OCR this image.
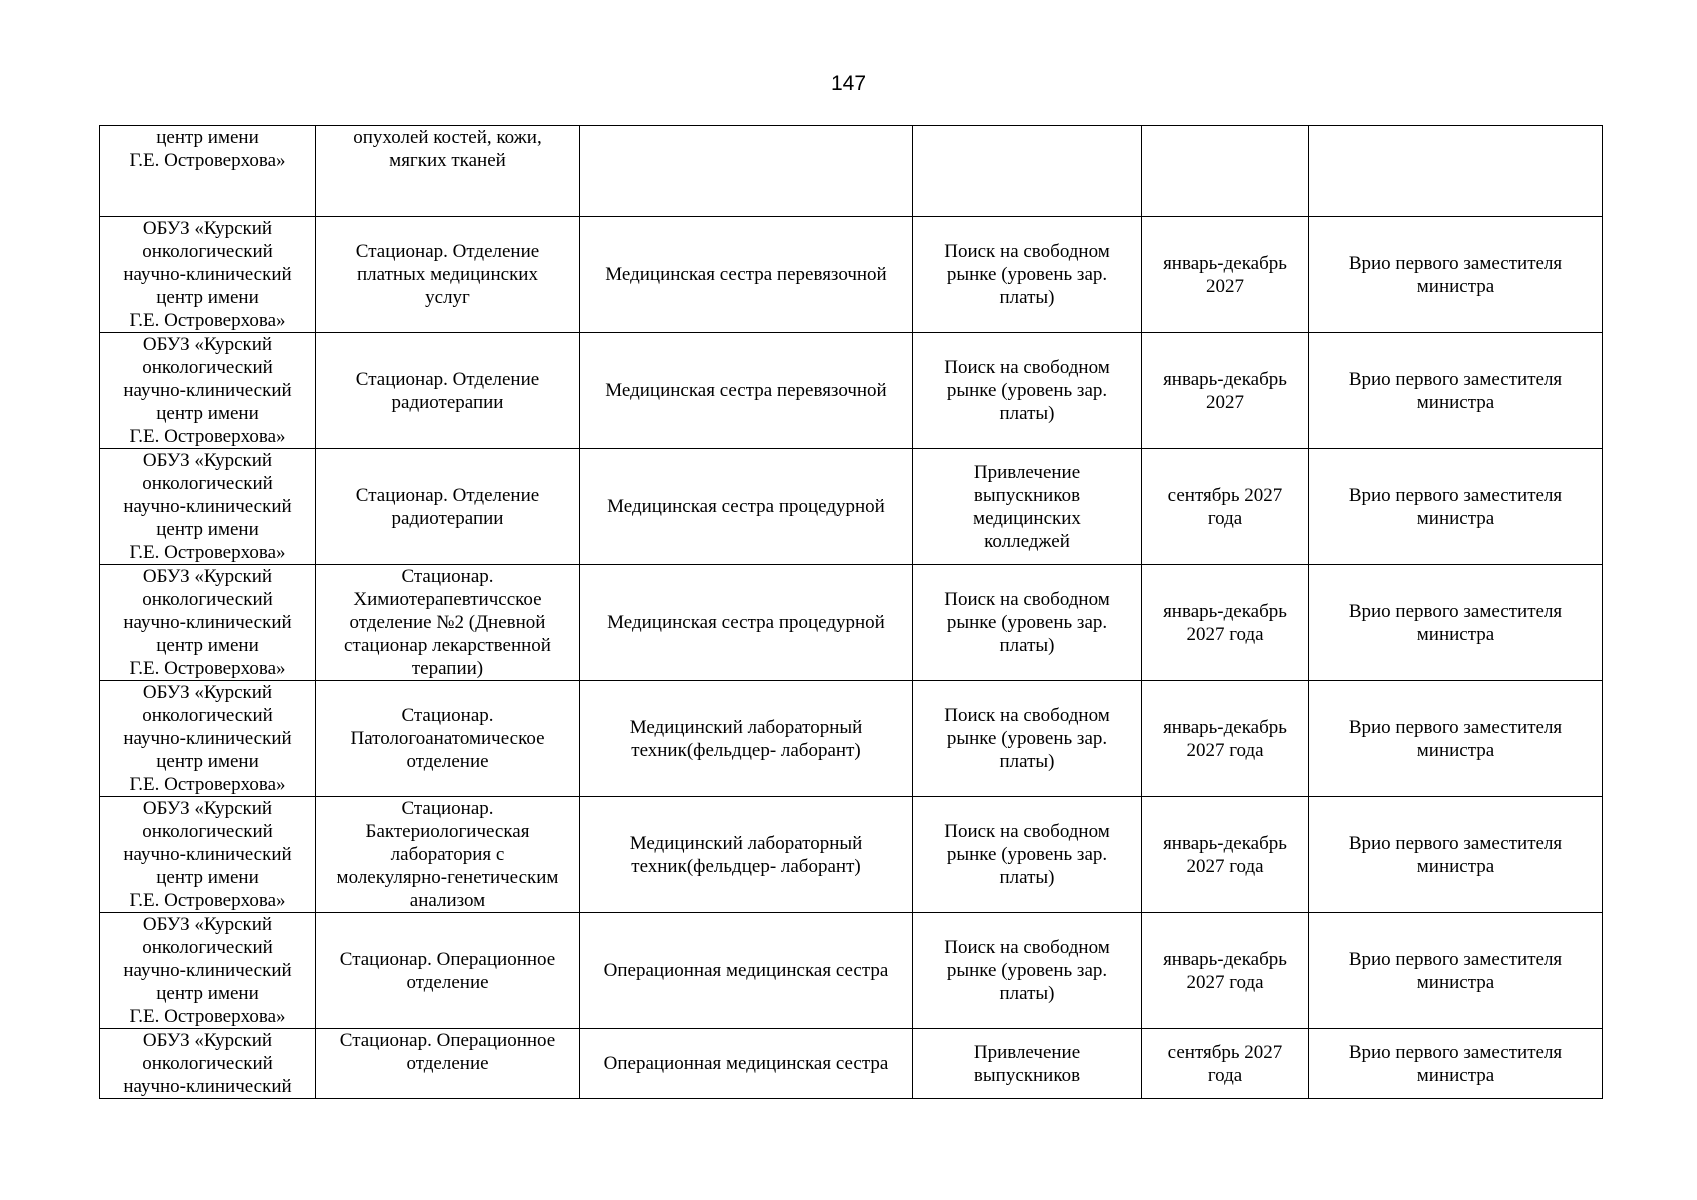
147
центр имени
Г.Е. Островерхова»	опухолей костей, кожи,
мягких тканей				
ОБУЗ «Курский
онкологический
научно-клинический
центр имени
Г.Е. Островерхова»	Стационар. Отделение
платных медицинских
услуг	Медицинская сестра перевязочной	Поиск на свободном
рынке (уровень зар.
платы)	январь-декабрь
2027	Врио первого заместителя
министра
ОБУЗ «Курский
онкологический
научно-клинический
центр имени
Г.Е. Островерхова»	Стационар. Отделение
радиотерапии	Медицинская сестра перевязочной	Поиск на свободном
рынке (уровень зар.
платы)	январь-декабрь
2027	Врио первого заместителя
министра
ОБУЗ «Курский
онкологический
научно-клинический
центр имени
Г.Е. Островерхова»	Стационар. Отделение
радиотерапии	Медицинская сестра процедурной	Привлечение
выпускников
медицинских
колледжей	сентябрь 2027
года	Врио первого заместителя
министра
ОБУЗ «Курский
онкологический
научно-клинический
центр имени
Г.Е. Островерхова»	Стационар.
Химиотерапевтичсское
отделение №2 (Дневной
стационар лекарственной
терапии)	Медицинская сестра процедурной	Поиск на свободном
рынке (уровень зар.
платы)	январь-декабрь
2027 года	Врио первого заместителя
министра
ОБУЗ «Курский
онкологический
научно-клинический
центр имени
Г.Е. Островерхова»	Стационар.
Патологоанатомическое
отделение	Медицинский лабораторный
техник(фельдцер- лаборант)	Поиск на свободном
рынке (уровень зар.
платы)	январь-декабрь
2027 года	Врио первого заместителя
министра
ОБУЗ «Курский
онкологический
научно-клинический
центр имени
Г.Е. Островерхова»	Стационар.
Бактериологическая
лаборатория с
молекулярно-генетическим
анализом	Медицинский лабораторный
техник(фельдцер- лаборант)	Поиск на свободном
рынке (уровень зар.
платы)	январь-декабрь
2027 года	Врио первого заместителя
министра
ОБУЗ «Курский
онкологический
научно-клинический
центр имени
Г.Е. Островерхова»	Стационар. Операционное
отделение	Операционная медицинская сестра	Поиск на свободном
рынке (уровень зар.
платы)	январь-декабрь
2027 года	Врио первого заместителя
министра
ОБУЗ «Курский
онкологический
научно-клинический	Стационар. Операционное
отделение	Операционная медицинская сестра	Привлечение
выпускников	сентябрь 2027
года	Врио первого заместителя
министра
